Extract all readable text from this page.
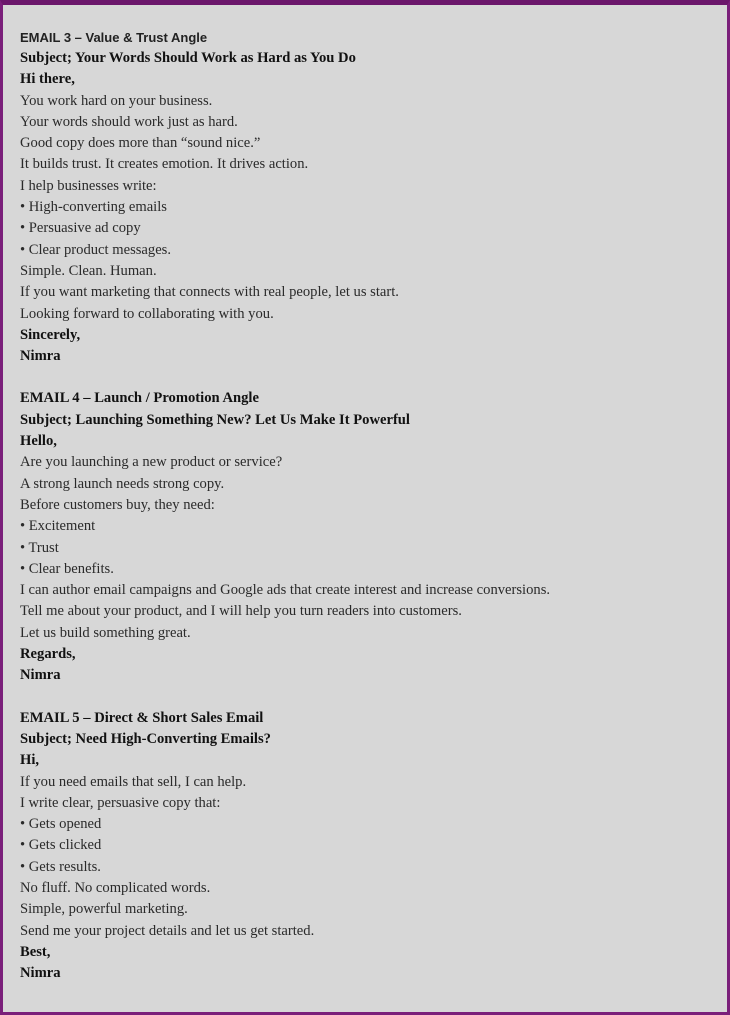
EMAIL 3 – Value & Trust Angle
Subject; Your Words Should Work as Hard as You Do
Hi there,
You work hard on your business.
Your words should work just as hard.
Good copy does more than “sound nice.”
It builds trust. It creates emotion. It drives action.
I help businesses write:
• High-converting emails
• Persuasive ad copy
• Clear product messages.
Simple. Clean. Human.
If you want marketing that connects with real people, let us start.
Looking forward to collaborating with you.
Sincerely,
Nimra
EMAIL 4 – Launch / Promotion Angle
Subject; Launching Something New? Let Us Make It Powerful
Hello,
Are you launching a new product or service?
A strong launch needs strong copy.
Before customers buy, they need:
• Excitement
• Trust
• Clear benefits.
I can author email campaigns and Google ads that create interest and increase conversions.
Tell me about your product, and I will help you turn readers into customers.
Let us build something great.
Regards,
Nimra
EMAIL 5 – Direct & Short Sales Email
Subject; Need High-Converting Emails?
Hi,
If you need emails that sell, I can help.
I write clear, persuasive copy that:
• Gets opened
• Gets clicked
• Gets results.
No fluff. No complicated words.
Simple, powerful marketing.
Send me your project details and let us get started.
Best,
Nimra
